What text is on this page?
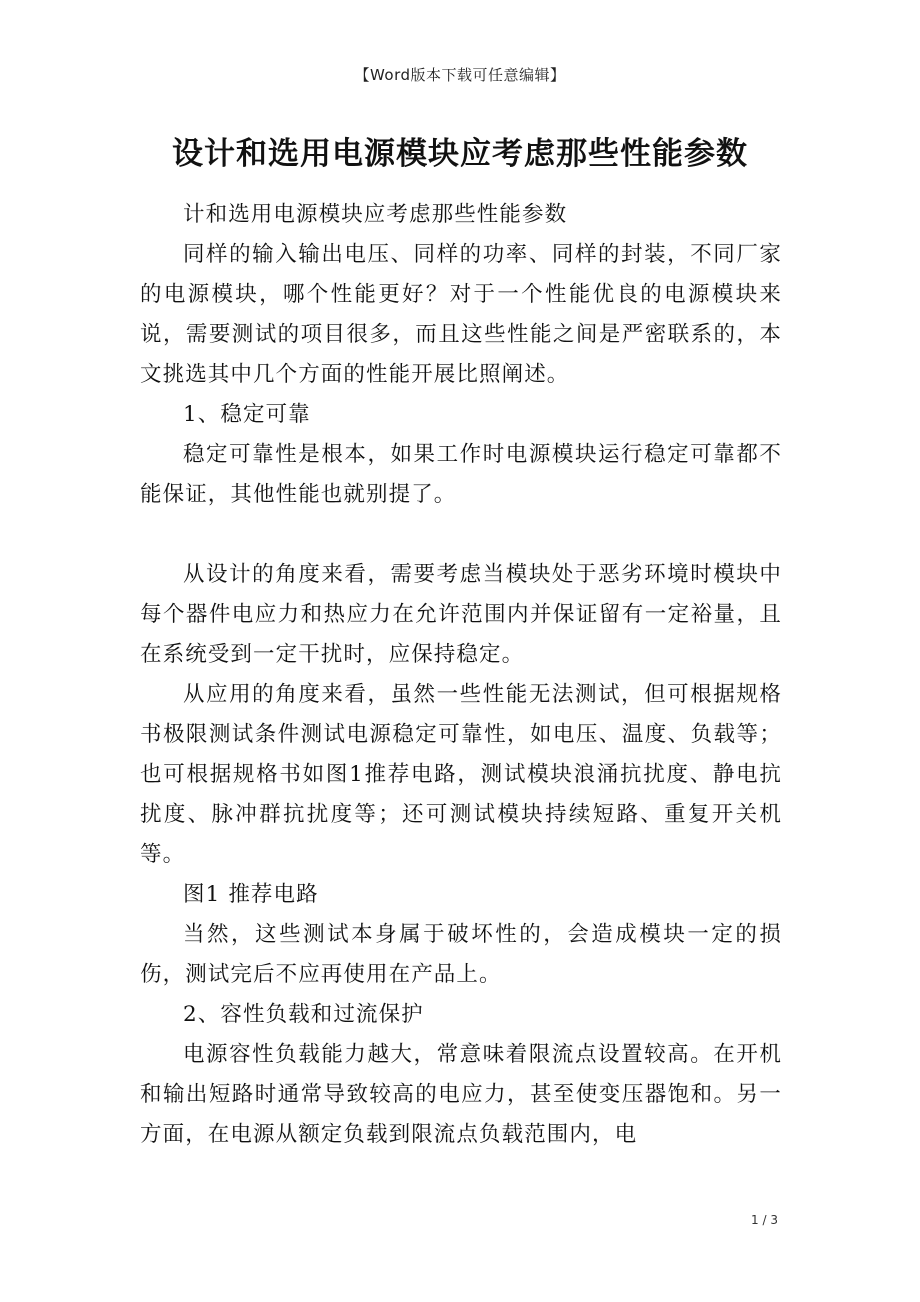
【Word版本下载可任意编辑】
设计和选用电源模块应考虑那些性能参数

计和选用电源模块应考虑那些性能参数

同样的输入输出电压、同样的功率、同样的封装，不同厂家的电源模块，哪个性能更好？对于一个性能优良的电源模块来说，需要测试的项目很多，而且这些性能之间是严密联系的，本文挑选其中几个方面的性能开展比照阐述。

1、稳定可靠

稳定可靠性是根本，如果工作时电源模块运行稳定可靠都不能保证，其他性能也就别提了。

从设计的角度来看，需要考虑当模块处于恶劣环境时模块中每个器件电应力和热应力在允许范围内并保证留有一定裕量，且在系统受到一定干扰时，应保持稳定。

从应用的角度来看，虽然一些性能无法测试，但可根据规格书极限测试条件测试电源稳定可靠性，如电压、温度、负载等；也可根据规格书如图1推荐电路，测试模块浪涌抗扰度、静电抗扰度、脉冲群抗扰度等；还可测试模块持续短路、重复开关机等。

图1 推荐电路

当然，这些测试本身属于破坏性的，会造成模块一定的损伤，测试完后不应再使用在产品上。

2、容性负载和过流保护

电源容性负载能力越大，常意味着限流点设置较高。在开机和输出短路时通常导致较高的电应力，甚至使变压器饱和。另一方面，在电源从额定负载到限流点负载范围内，电

1 / 3
